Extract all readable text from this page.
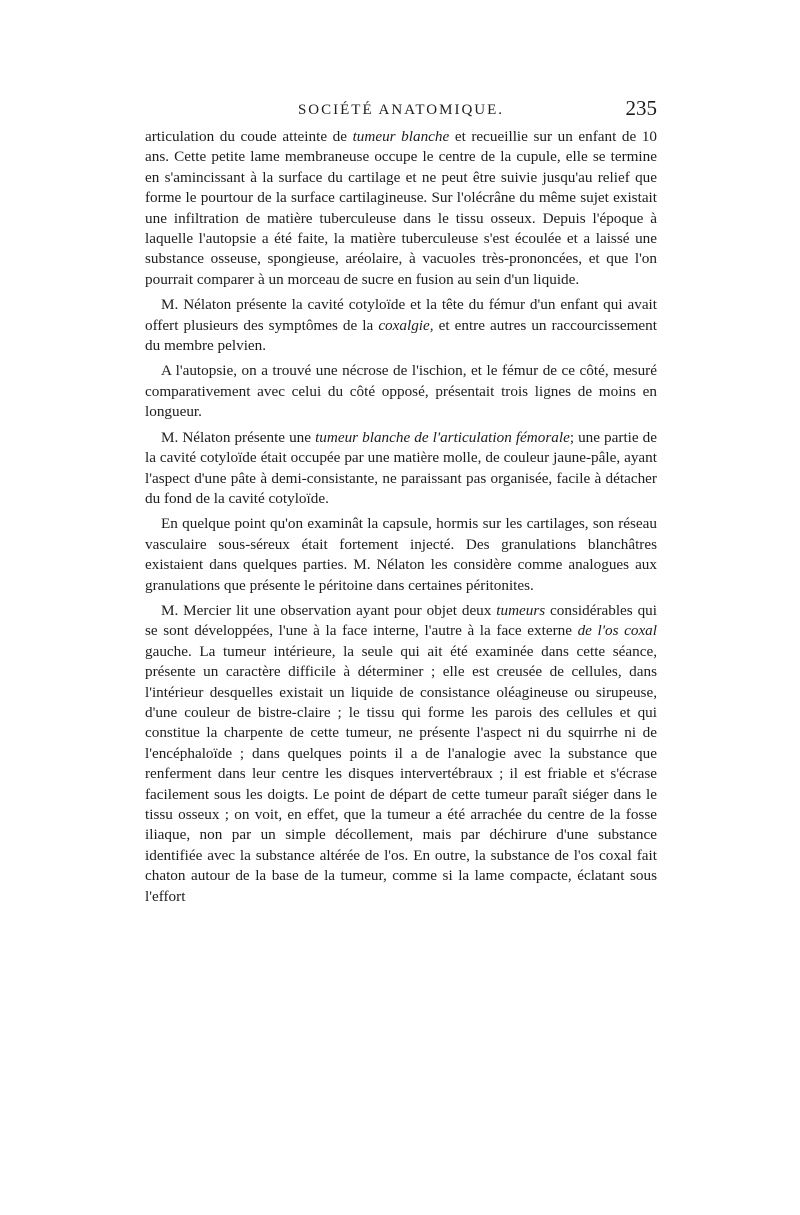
SOCIÉTÉ ANATOMIQUE.	235

articulation du coude atteinte de tumeur blanche et recueillie sur un enfant de 10 ans. Cette petite lame membraneuse occupe le centre de la cupule, elle se termine en s'amincissant à la surface du cartilage et ne peut être suivie jusqu'au relief que forme le pourtour de la surface cartilagineuse. Sur l'olécrâne du même sujet existait une infiltration de matière tuberculeuse dans le tissu osseux. Depuis l'époque à laquelle l'autopsie a été faite, la matière tuberculeuse s'est écoulée et a laissé une substance osseuse, spongieuse, aréolaire, à vacuoles très-prononcées, et que l'on pourrait comparer à un morceau de sucre en fusion au sein d'un liquide.

M. Nélaton présente la cavité cotyloïde et la tête du fémur d'un enfant qui avait offert plusieurs des symptômes de la coxalgie, et entre autres un raccourcissement du membre pelvien.

A l'autopsie, on a trouvé une nécrose de l'ischion, et le fémur de ce côté, mesuré comparativement avec celui du côté opposé, présentait trois lignes de moins en longueur.

M. Nélaton présente une tumeur blanche de l'articulation fémorale; une partie de la cavité cotyloïde était occupée par une matière molle, de couleur jaune-pâle, ayant l'aspect d'une pâte à demi-consistante, ne paraissant pas organisée, facile à détacher du fond de la cavité cotyloïde.

En quelque point qu'on examinât la capsule, hormis sur les cartilages, son réseau vasculaire sous-séreux était fortement injecté. Des granulations blanchâtres existaient dans quelques parties. M. Nélaton les considère comme analogues aux granulations que présente le péritoine dans certaines péritonites.

M. Mercier lit une observation ayant pour objet deux tumeurs considérables qui se sont développées, l'une à la face interne, l'autre à la face externe de l'os coxal gauche. La tumeur intérieure, la seule qui ait été examinée dans cette séance, présente un caractère difficile à déterminer ; elle est creusée de cellules, dans l'intérieur desquelles existait un liquide de consistance oléagineuse ou sirupeuse, d'une couleur de bistre-claire ; le tissu qui forme les parois des cellules et qui constitue la charpente de cette tumeur, ne présente l'aspect ni du squirrhe ni de l'encéphaloïde ; dans quelques points il a de l'analogie avec la substance que renferment dans leur centre les disques intervertébraux ; il est friable et s'écrase facilement sous les doigts. Le point de départ de cette tumeur paraît siéger dans le tissu osseux ; on voit, en effet, que la tumeur a été arrachée du centre de la fosse iliaque, non par un simple décollement, mais par déchirure d'une substance identifiée avec la substance altérée de l'os. En outre, la substance de l'os coxal fait chaton autour de la base de la tumeur, comme si la lame compacte, éclatant sous l'effort
